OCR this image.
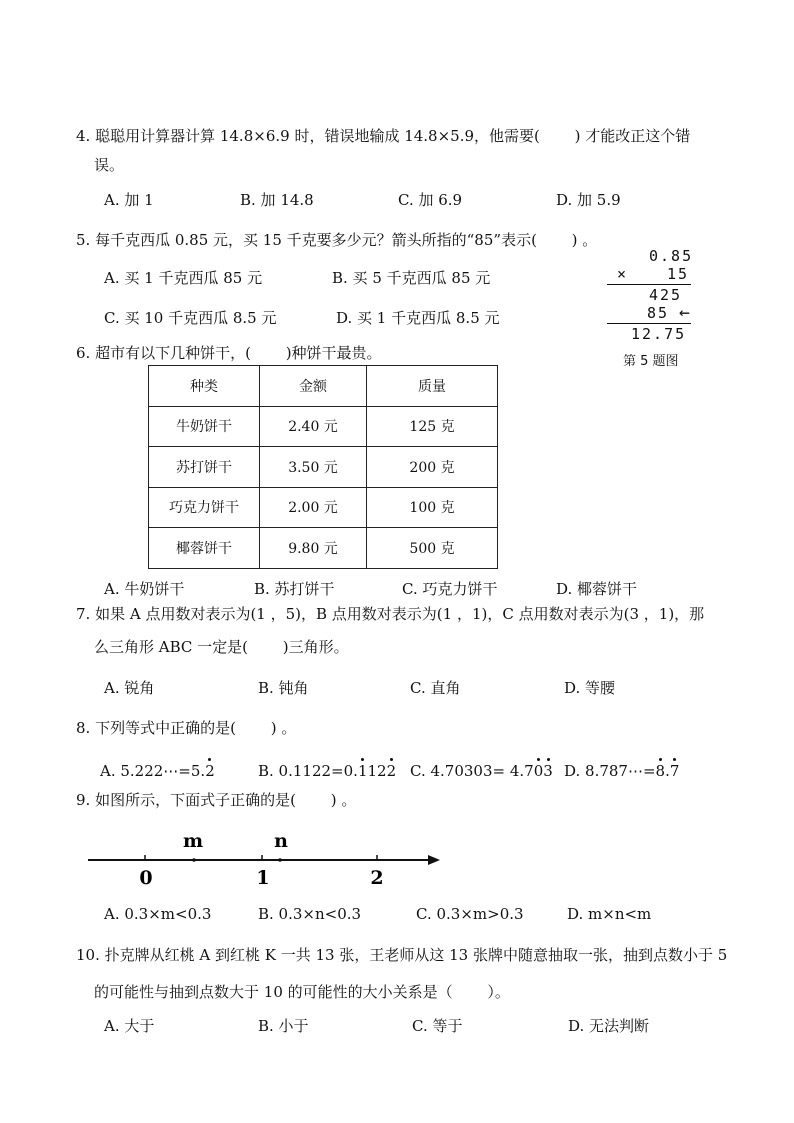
4. 聪聪用计算器计算 14.8×6.9 时，错误地输成 14.8×5.9，他需要(　　 ) 才能改正这个错
误。
A. 加 1	B. 加 14.8	C. 加 6.9	D. 加 5.9
5. 每千克西瓜 0.85 元，买 15 千克要多少元？箭头所指的“85”表示(　　 ) 。
A. 买 1 千克西瓜 85 元	B. 买 5 千克西瓜 85 元
C. 买 10 千克西瓜 8.5 元	D. 买 1 千克西瓜 8.5 元
0.85
×	15
425
85 ←
12.75
第 5 题图
6. 超市有以下几种饼干，(　　 )种饼干最贵。
种类	金额	质量
牛奶饼干	2.40 元	125 克
苏打饼干	3.50 元	200 克
巧克力饼干	2.00 元	100 克
椰蓉饼干	9.80 元	500 克
A. 牛奶饼干	B. 苏打饼干	C. 巧克力饼干	D. 椰蓉饼干
7. 如果 A 点用数对表示为(1 ，5)，B 点用数对表示为(1 ，1)，C 点用数对表示为(3 ，1)，那
么三角形 ABC 一定是(　　 )三角形。
A. 锐角	B. 钝角	C. 直角	D. 等腰
8. 下列等式中正确的是(　　 ) 。
A. 5.222⋯=5.2	B. 0.1122=0.1122 C. 4.70303= 4.703 D. 8.787⋯=8.7
9. 如图所示，下面式子正确的是(　　 ) 。
m	n
0	1	2
A. 0.3×m<0.3	B. 0.3×n<0.3	C. 0.3×m>0.3	D. m×n<m
10. 扑克牌从红桃 A 到红桃 K 一共 13 张，王老师从这 13 张牌中随意抽取一张，抽到点数小于 5
的可能性与抽到点数大于 10 的可能性的大小关系是（　　 ）。
A. 大于	B. 小于	C. 等于	D. 无法判断
